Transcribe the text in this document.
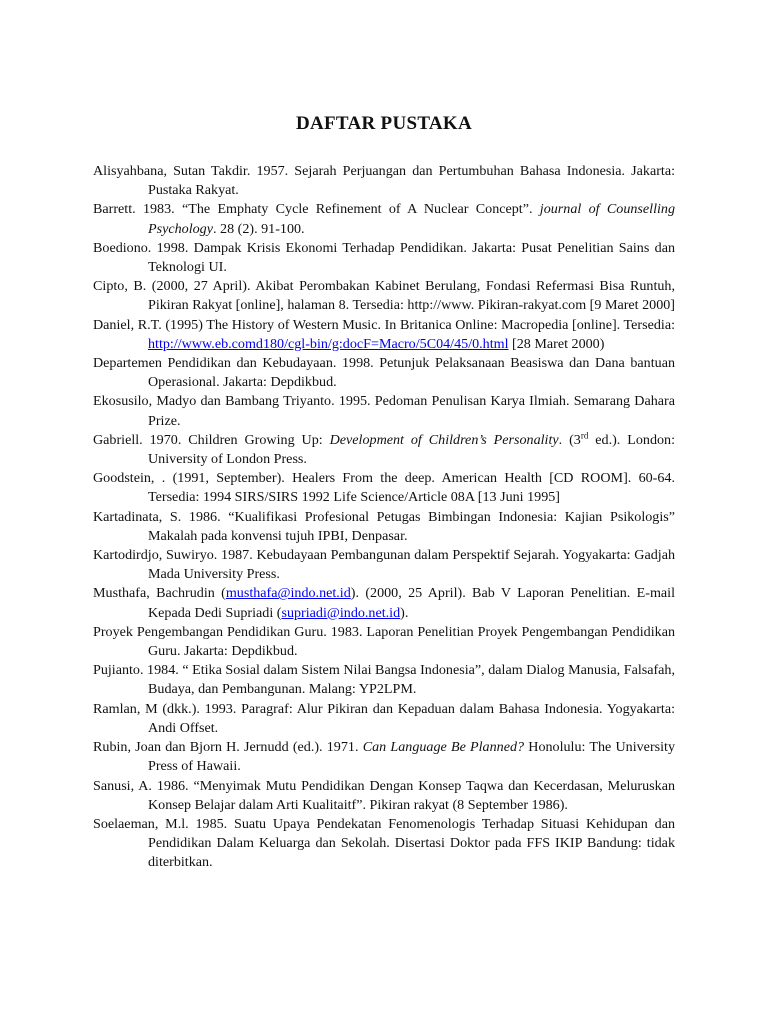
DAFTAR PUSTAKA
Alisyahbana, Sutan Takdir. 1957. Sejarah Perjuangan dan Pertumbuhan Bahasa Indonesia. Jakarta: Pustaka Rakyat.
Barrett. 1983. “The Emphaty Cycle Refinement of A Nuclear Concept”. journal of Counselling Psychology. 28 (2). 91-100.
Boediono. 1998. Dampak Krisis Ekonomi Terhadap Pendidikan. Jakarta: Pusat Penelitian Sains dan Teknologi UI.
Cipto, B. (2000, 27 April). Akibat Perombakan Kabinet Berulang, Fondasi Refermasi Bisa Runtuh, Pikiran Rakyat [online], halaman 8. Tersedia: http://www. Pikiran-rakyat.com [9 Maret 2000]
Daniel, R.T. (1995) The History of Western Music. In Britanica Online: Macropedia [online]. Tersedia: http://www.eb.comd180/cgl-bin/g:docF=Macro/5C04/45/0.html [28 Maret 2000)
Departemen Pendidikan dan Kebudayaan. 1998. Petunjuk Pelaksanaan Beasiswa dan Dana bantuan Operasional. Jakarta: Depdikbud.
Ekosusilo, Madyo dan Bambang Triyanto. 1995. Pedoman Penulisan Karya Ilmiah. Semarang Dahara Prize.
Gabriell. 1970. Children Growing Up: Development of Children’s Personality. (3rd ed.). London: University of London Press.
Goodstein, . (1991, September). Healers From the deep. American Health [CD ROOM]. 60-64. Tersedia: 1994 SIRS/SIRS 1992 Life Science/Article 08A [13 Juni 1995]
Kartadinata, S. 1986. “Kualifikasi Profesional Petugas Bimbingan Indonesia: Kajian Psikologis” Makalah pada konvensi tujuh IPBI, Denpasar.
Kartodirdjo, Suwiryo. 1987. Kebudayaan Pembangunan dalam Perspektif Sejarah. Yogyakarta: Gadjah Mada University Press.
Musthafa, Bachrudin (musthafa@indo.net.id). (2000, 25 April). Bab V Laporan Penelitian. E-mail Kepada Dedi Supriadi (supriadi@indo.net.id).
Proyek Pengembangan Pendidikan Guru. 1983. Laporan Penelitian Proyek Pengembangan Pendidikan Guru. Jakarta: Depdikbud.
Pujianto. 1984. “ Etika Sosial dalam Sistem Nilai Bangsa Indonesia”, dalam Dialog Manusia, Falsafah, Budaya, dan Pembangunan. Malang: YP2LPM.
Ramlan, M (dkk.). 1993. Paragraf: Alur Pikiran dan Kepaduan dalam Bahasa Indonesia. Yogyakarta: Andi Offset.
Rubin, Joan dan Bjorn H. Jernudd (ed.). 1971. Can Language Be Planned? Honolulu: The University Press of Hawaii.
Sanusi, A. 1986. “Menyimak Mutu Pendidikan Dengan Konsep Taqwa dan Kecerdasan, Meluruskan Konsep Belajar dalam Arti Kualitaitf”. Pikiran rakyat (8 September 1986).
Soelaeman, M.l. 1985. Suatu Upaya Pendekatan Fenomenologis Terhadap Situasi Kehidupan dan Pendidikan Dalam Keluarga dan Sekolah. Disertasi Doktor pada FFS IKIP Bandung: tidak diterbitkan.
